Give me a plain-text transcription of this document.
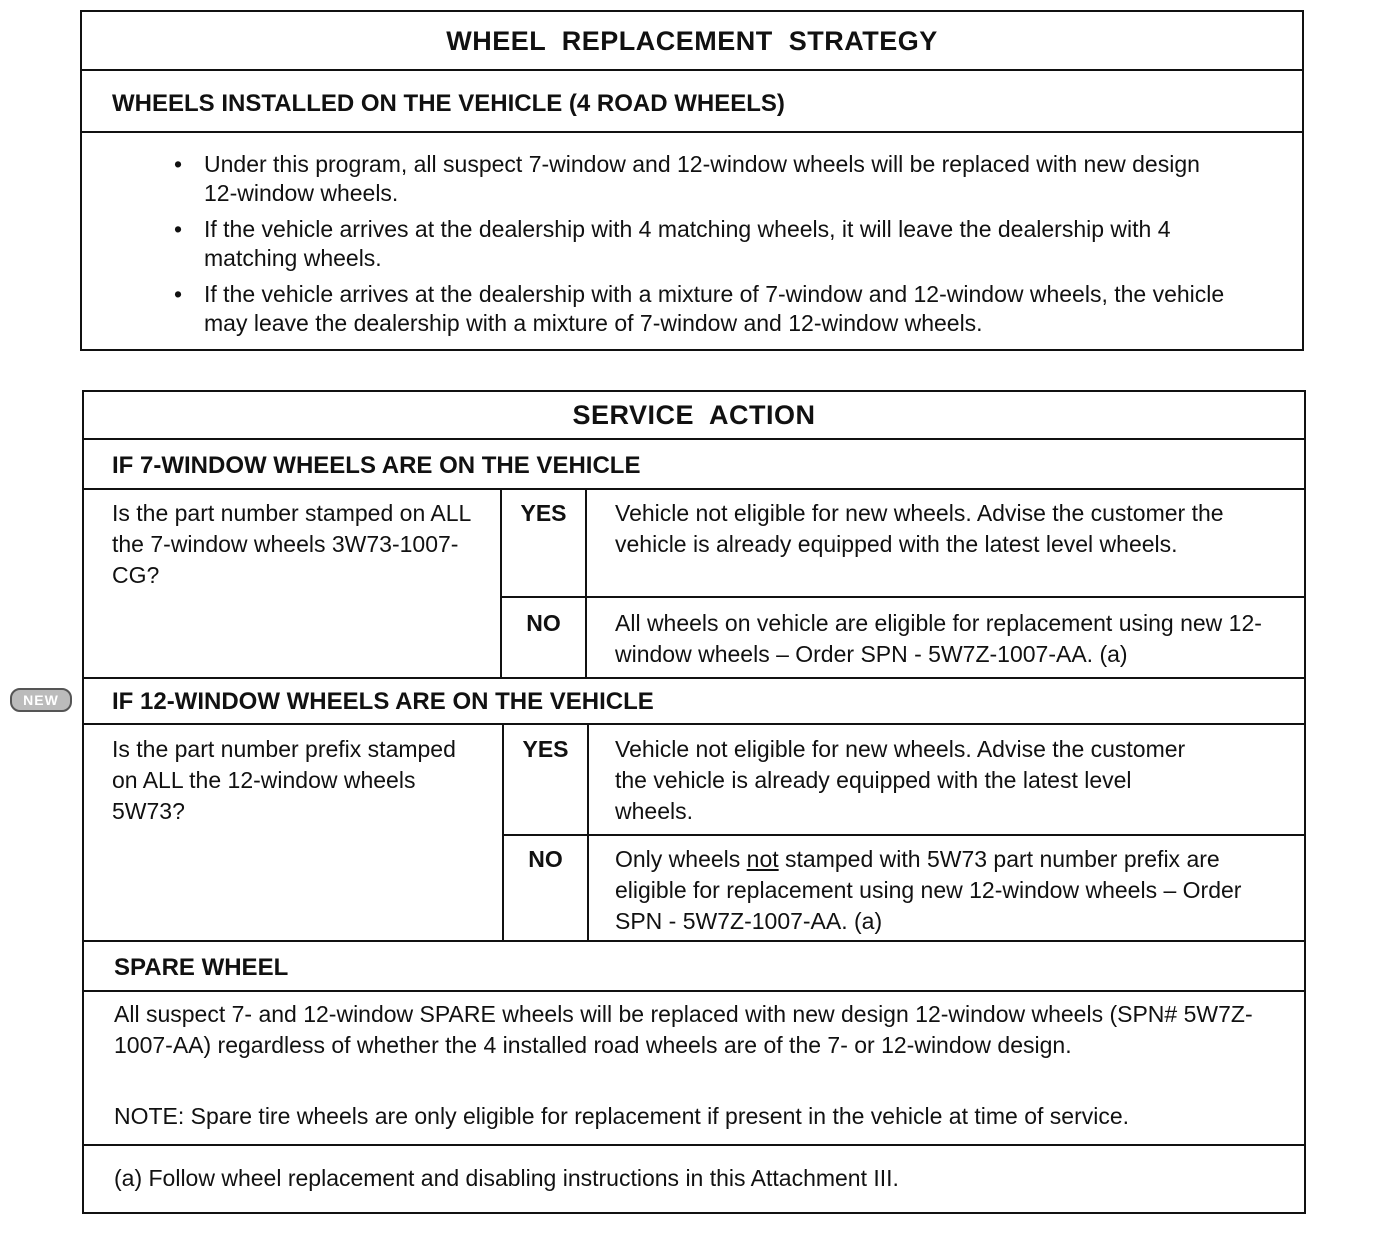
WHEEL  REPLACEMENT  STRATEGY
WHEELS INSTALLED ON THE VEHICLE (4 ROAD WHEELS)
• Under this program, all suspect 7-window and 12-window wheels will be replaced with new design 12-window wheels.
• If the vehicle arrives at the dealership with 4 matching wheels, it will leave the dealership with 4 matching wheels.
• If the vehicle arrives at the dealership with a mixture of 7-window and 12-window wheels, the vehicle may leave the dealership with a mixture of 7-window and 12-window wheels.
SERVICE  ACTION
IF 7-WINDOW WHEELS ARE ON THE VEHICLE
Is the part number stamped on ALL the 7-window wheels 3W73-1007-CG?
YES	Vehicle not eligible for new wheels. Advise the customer the vehicle is already equipped with the latest level wheels.
NO	All wheels on vehicle are eligible for replacement using new 12-window wheels – Order SPN - 5W7Z-1007-AA. (a)
NEW	IF 12-WINDOW WHEELS ARE ON THE VEHICLE
Is the part number prefix stamped on ALL the 12-window wheels 5W73?
YES	Vehicle not eligible for new wheels. Advise the customer the vehicle is already equipped with the latest level wheels.
NO	Only wheels not stamped with 5W73 part number prefix are eligible for replacement using new 12-window wheels – Order SPN - 5W7Z-1007-AA. (a)
SPARE WHEEL
All suspect 7- and 12-window SPARE wheels will be replaced with new design 12-window wheels (SPN# 5W7Z-1007-AA) regardless of whether the 4 installed road wheels are of the 7- or 12-window design.
NOTE: Spare tire wheels are only eligible for replacement if present in the vehicle at time of service.
(a) Follow wheel replacement and disabling instructions in this Attachment III.
